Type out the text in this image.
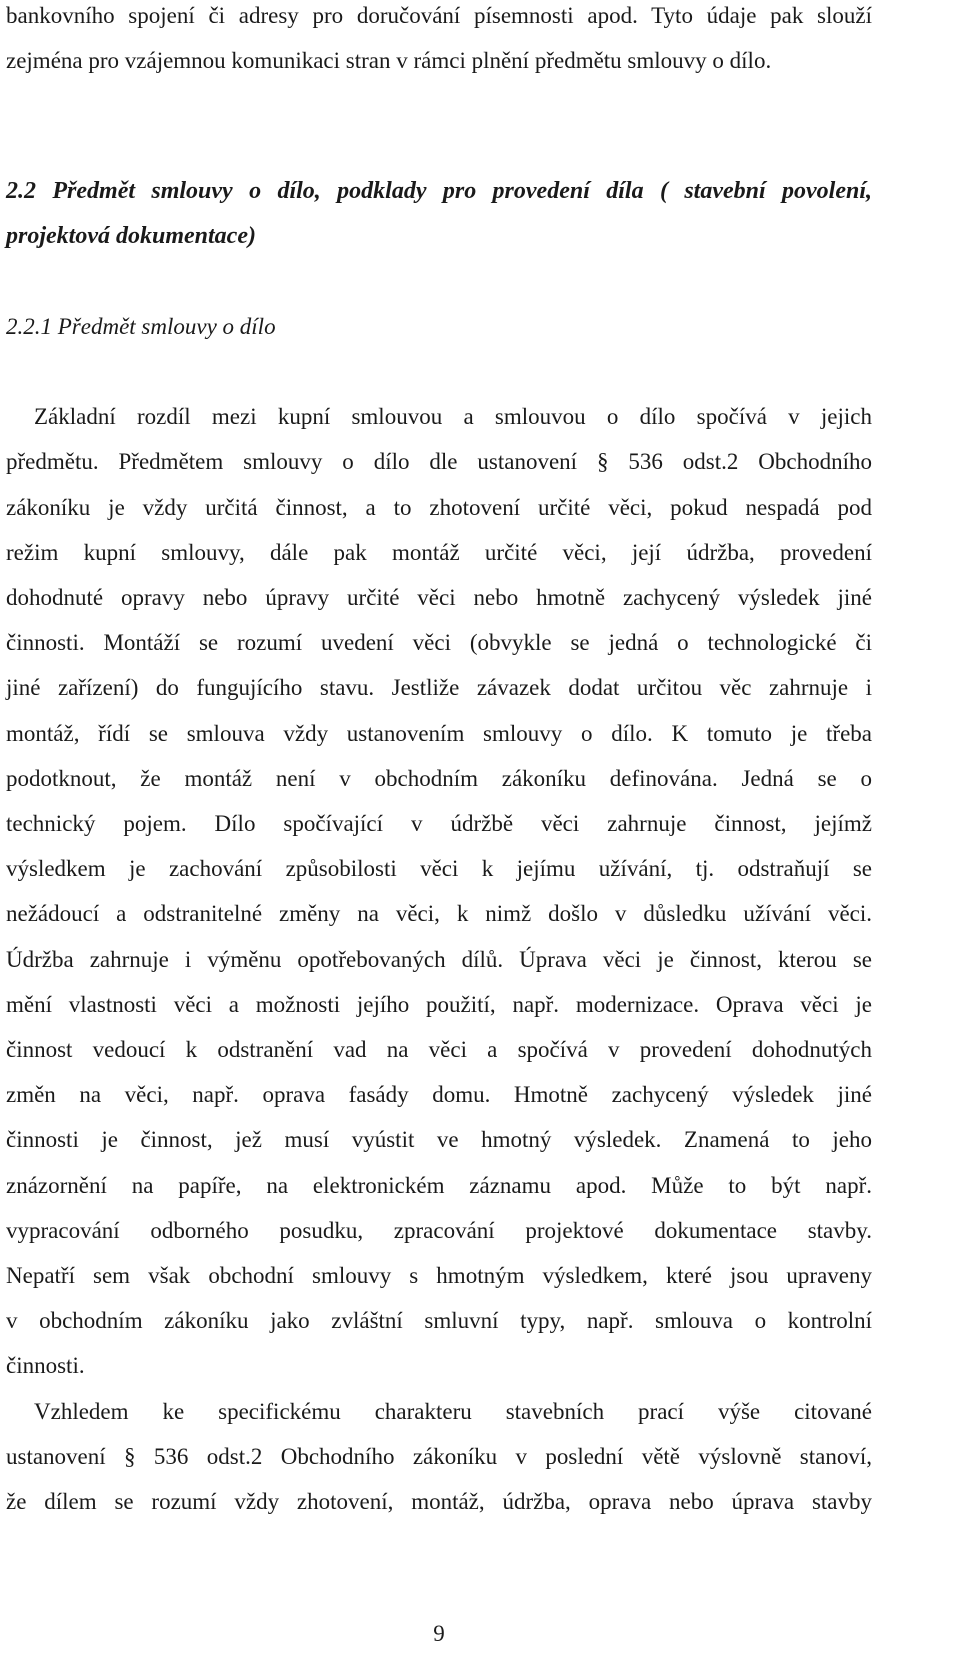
bankovního spojení či adresy pro doručování písemnosti apod. Tyto údaje pak slouží
zejména pro vzájemnou komunikaci stran v rámci plnění předmětu smlouvy o dílo.
2.2 Předmět smlouvy o dílo, podklady pro provedení díla ( stavební povolení,
projektová dokumentace)
2.2.1 Předmět smlouvy o dílo
Základní rozdíl mezi kupní smlouvou a smlouvou o dílo spočívá v jejich
předmětu. Předmětem smlouvy o dílo dle ustanovení § 536 odst.2 Obchodního
zákoníku je vždy určitá činnost, a to zhotovení určité věci, pokud nespadá pod
režim kupní smlouvy, dále pak montáž určité věci, její údržba, provedení
dohodnuté opravy nebo úpravy určité věci nebo hmotně zachycený výsledek jiné
činnosti. Montáží se rozumí uvedení věci (obvykle se jedná o technologické či
jiné zařízení) do fungujícího stavu. Jestliže závazek dodat určitou věc zahrnuje i
montáž, řídí se smlouva vždy ustanovením smlouvy o dílo. K tomuto je třeba
podotknout, že montáž není v obchodním zákoníku definována. Jedná se o
technický pojem. Dílo spočívající v údržbě věci zahrnuje činnost, jejímž
výsledkem je zachování způsobilosti věci k jejímu užívání, tj. odstraňují se
nežádoucí a odstranitelné změny na věci, k nimž došlo v důsledku užívání věci.
Údržba zahrnuje i výměnu opotřebovaných dílů. Úprava věci je činnost, kterou se
mění vlastnosti věci a možnosti jejího použití, např. modernizace. Oprava věci je
činnost vedoucí k odstranění vad na věci a spočívá v provedení dohodnutých
změn na věci, např. oprava fasády domu. Hmotně zachycený výsledek jiné
činnosti je činnost, jež musí vyústit ve hmotný výsledek. Znamená to jeho
znázornění na papíře, na elektronickém záznamu apod. Může to být např.
vypracování odborného posudku, zpracování projektové dokumentace stavby.
Nepatří sem však obchodní smlouvy s hmotným výsledkem, které jsou upraveny
v obchodním zákoníku jako zvláštní smluvní typy, např. smlouva o kontrolní
činnosti.
Vzhledem ke specifickému charakteru stavebních prací výše citované
ustanovení § 536 odst.2 Obchodního zákoníku v poslední větě výslovně stanoví,
že dílem se rozumí vždy zhotovení, montáž, údržba, oprava nebo úprava stavby
9
